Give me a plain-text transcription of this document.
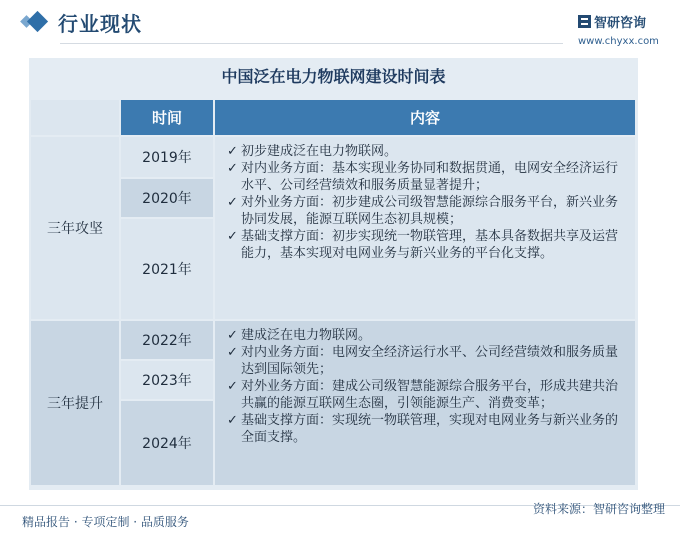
行业现状	智研咨询
www.chyxx.com
中国泛在电力物联网建设时间表
时间	内容
三年攻坚
2019年
2020年
2021年
✓ 初步建成泛在电力物联网。
✓ 对内业务方面：基本实现业务协同和数据贯通，电网安全经济运行水平、公司经营绩效和服务质量显著提升；
✓ 对外业务方面：初步建成公司级智慧能源综合服务平台，新兴业务协同发展，能源互联网生态初具规模；
✓ 基础支撑方面：初步实现统一物联管理，基本具备数据共享及运营能力，基本实现对电网业务与新兴业务的平台化支撑。
三年提升
2022年
2023年
2024年
✓ 建成泛在电力物联网。
✓ 对内业务方面：电网安全经济运行水平、公司经营绩效和服务质量达到国际领先；
✓ 对外业务方面：建成公司级智慧能源综合服务平台，形成共建共治共赢的能源互联网生态圈，引领能源生产、消费变革；
✓ 基础支撑方面：实现统一物联管理，实现对电网业务与新兴业务的全面支撑。
精品报告 · 专项定制 · 品质服务
资料来源：智研咨询整理
